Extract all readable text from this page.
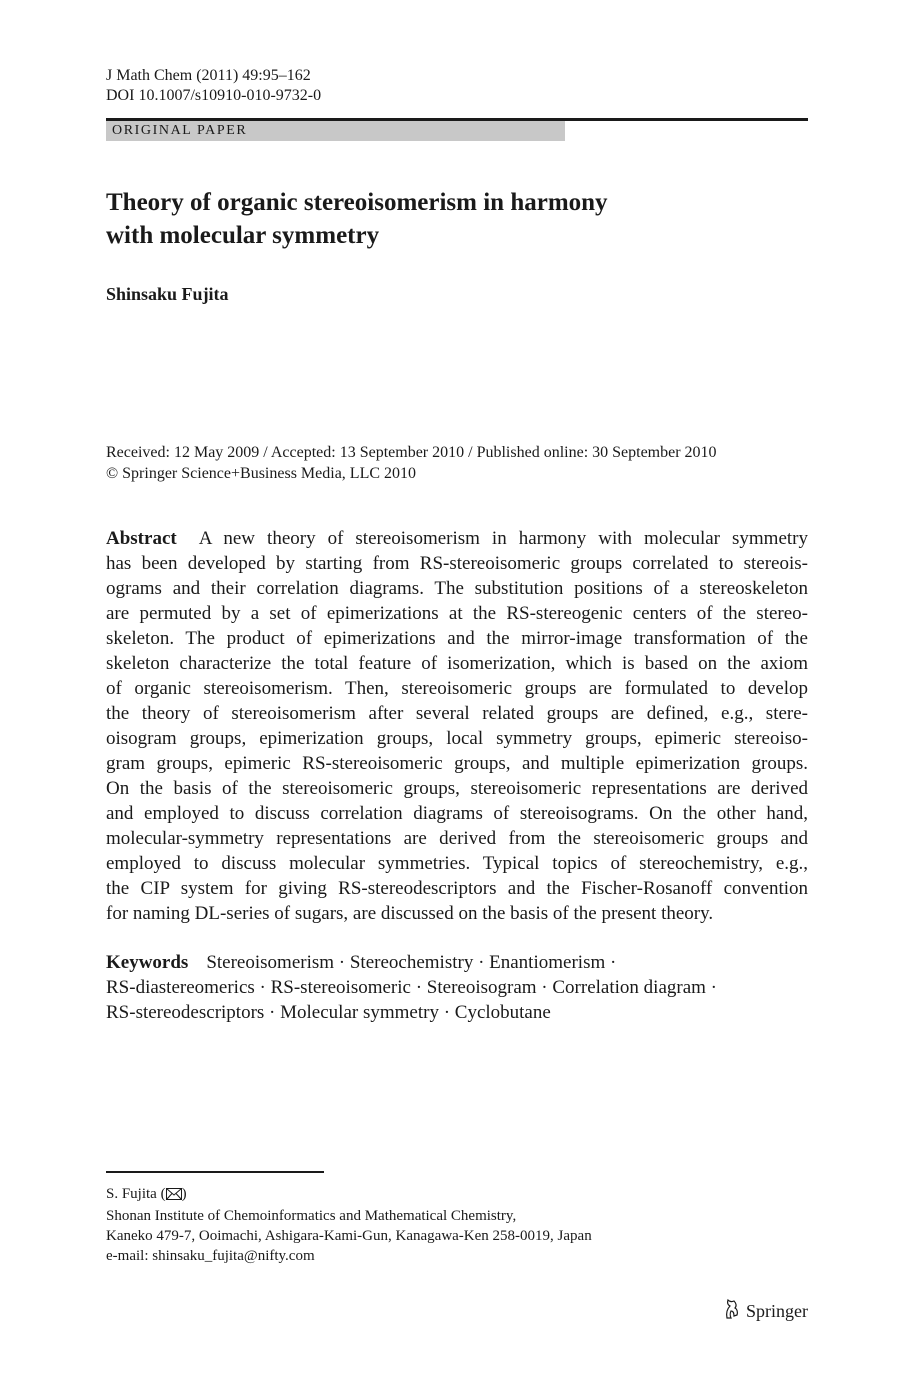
J Math Chem (2011) 49:95–162
DOI 10.1007/s10910-010-9732-0
ORIGINAL PAPER
Theory of organic stereoisomerism in harmony
with molecular symmetry
Shinsaku Fujita
Received: 12 May 2009 / Accepted: 13 September 2010 / Published online: 30 September 2010
© Springer Science+Business Media, LLC 2010
Abstract A new theory of stereoisomerism in harmony with molecular symmetry
has been developed by starting from RS-stereoisomeric groups correlated to stereois-
ograms and their correlation diagrams. The substitution positions of a stereoskeleton
are permuted by a set of epimerizations at the RS-stereogenic centers of the stereo-
skeleton. The product of epimerizations and the mirror-image transformation of the
skeleton characterize the total feature of isomerization, which is based on the axiom
of organic stereoisomerism. Then, stereoisomeric groups are formulated to develop
the theory of stereoisomerism after several related groups are defined, e.g., stere-
oisogram groups, epimerization groups, local symmetry groups, epimeric stereoiso-
gram groups, epimeric RS-stereoisomeric groups, and multiple epimerization groups.
On the basis of the stereoisomeric groups, stereoisomeric representations are derived
and employed to discuss correlation diagrams of stereoisograms. On the other hand,
molecular-symmetry representations are derived from the stereoisomeric groups and
employed to discuss molecular symmetries. Typical topics of stereochemistry, e.g.,
the CIP system for giving RS-stereodescriptors and the Fischer-Rosanoff convention
for naming DL-series of sugars, are discussed on the basis of the present theory.
Keywords Stereoisomerism · Stereochemistry · Enantiomerism ·
RS-diastereomerics · RS-stereoisomeric · Stereoisogram · Correlation diagram ·
RS-stereodescriptors · Molecular symmetry · Cyclobutane
S. Fujita ( )
Shonan Institute of Chemoinformatics and Mathematical Chemistry,
Kaneko 479-7, Ooimachi, Ashigara-Kami-Gun, Kanagawa-Ken 258-0019, Japan
e-mail: shinsaku_fujita@nifty.com
Springer
